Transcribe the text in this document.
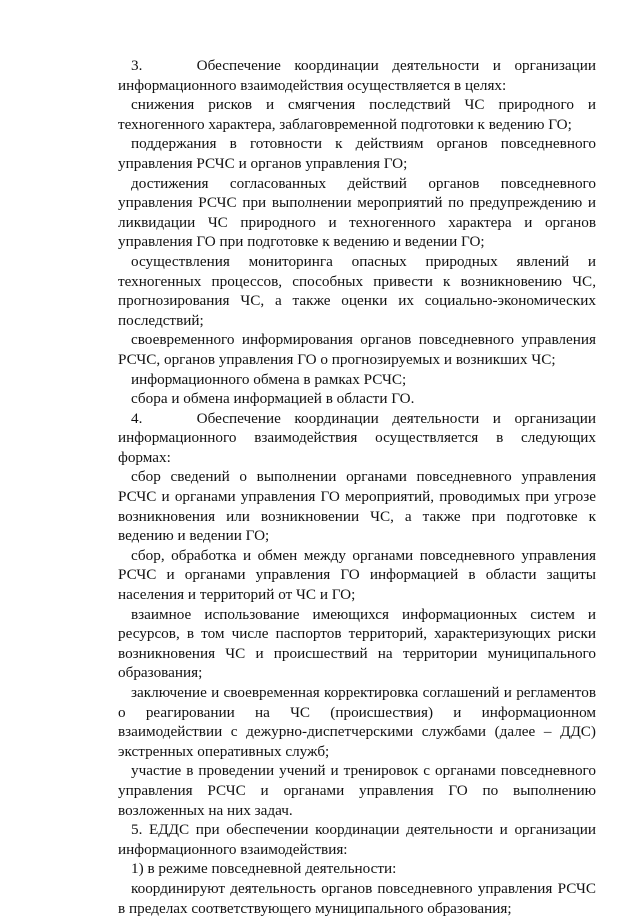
3.    Обеспечение координации деятельности и организации информационного взаимодействия осуществляется в целях:

снижения рисков и смягчения последствий ЧС природного и техногенного характера, заблаговременной подготовки к ведению ГО;

поддержания в готовности к действиям органов повседневного управления РСЧС и органов управления ГО;

достижения согласованных действий органов повседневного управления РСЧС при выполнении мероприятий по предупреждению и ликвидации ЧС природного и техногенного характера и органов управления ГО при подготовке к ведению и ведении ГО;

осуществления мониторинга опасных природных явлений и техногенных процессов, способных привести к возникновению ЧС, прогнозирования ЧС, а также оценки их социально-экономических последствий;

своевременного информирования органов повседневного управления РСЧС, органов управления ГО о прогнозируемых и возникших ЧС;

информационного обмена в рамках РСЧС;

сбора и обмена информацией в области ГО.

4.    Обеспечение координации деятельности и организации информационного взаимодействия осуществляется в следующих формах:

сбор сведений о выполнении органами повседневного управления РСЧС и органами управления ГО мероприятий, проводимых при угрозе возникновения или возникновении ЧС, а также при подготовке к ведению и ведении ГО;

сбор, обработка и обмен между органами повседневного управления РСЧС и органами управления ГО информацией в области защиты населения и территорий от ЧС и ГО;

взаимное использование имеющихся информационных систем и ресурсов, в том числе паспортов территорий, характеризующих риски возникновения ЧС и происшествий на территории муниципального образования;

заключение и своевременная корректировка соглашений и регламентов о реагировании на ЧС (происшествия) и информационном взаимодействии с дежурно-диспетчерскими службами (далее – ДДС) экстренных оперативных служб;

участие в проведении учений и тренировок с органами повседневного управления РСЧС и органами управления ГО по выполнению возложенных на них задач.

5. ЕДДС при обеспечении координации деятельности и организации информационного взаимодействия:

1) в режиме повседневной деятельности:

координируют деятельность органов повседневного управления РСЧС в пределах соответствующего муниципального образования;
